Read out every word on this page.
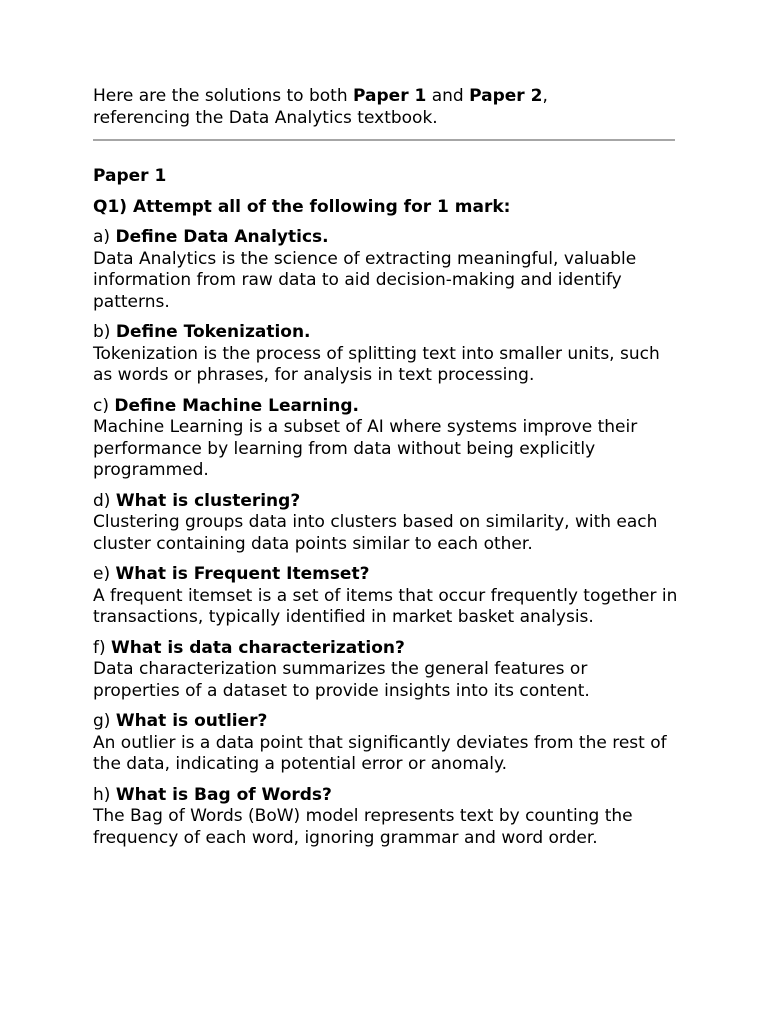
Here are the solutions to both Paper 1 and Paper 2,
referencing the Data Analytics textbook.

Paper 1

Q1) Attempt all of the following for 1 mark:

a) Define Data Analytics.
Data Analytics is the science of extracting meaningful, valuable information from raw data to aid decision-making and identify patterns.

b) Define Tokenization.
Tokenization is the process of splitting text into smaller units, such as words or phrases, for analysis in text processing.

c) Define Machine Learning.
Machine Learning is a subset of AI where systems improve their performance by learning from data without being explicitly programmed.

d) What is clustering?
Clustering groups data into clusters based on similarity, with each cluster containing data points similar to each other.

e) What is Frequent Itemset?
A frequent itemset is a set of items that occur frequently together in transactions, typically identified in market basket analysis.

f) What is data characterization?
Data characterization summarizes the general features or properties of a dataset to provide insights into its content.

g) What is outlier?
An outlier is a data point that significantly deviates from the rest of the data, indicating a potential error or anomaly.

h) What is Bag of Words?
The Bag of Words (BoW) model represents text by counting the frequency of each word, ignoring grammar and word order.
